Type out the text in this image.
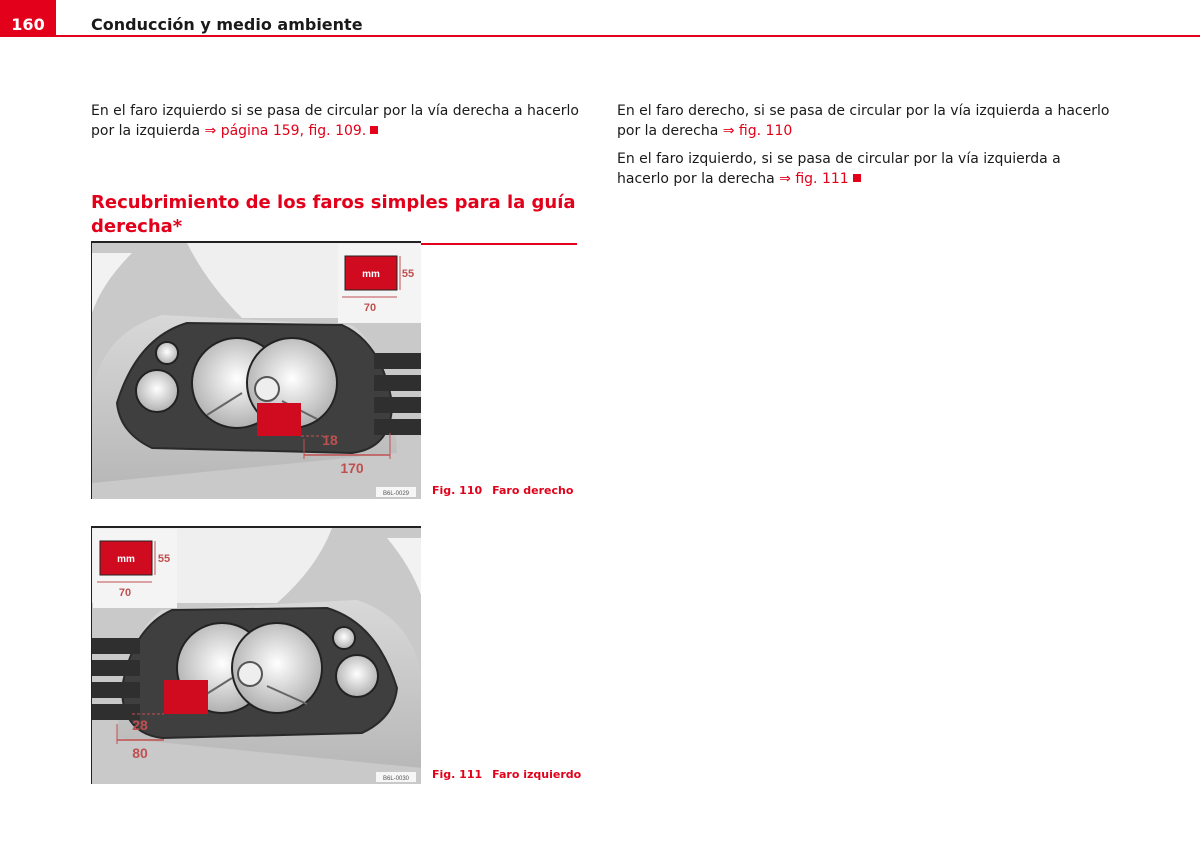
160	Conducción y medio ambiente
En el faro izquierdo si se pasa de circular por la vía derecha a hacerlo por la izquierda ⇒ página 159, fig. 109.
Recubrimiento de los faros simples para la guía derecha*
mm 55
70
18
170
B6L-0029 Fig. 110 Faro derecho
mm 55
70
28
80
B6L-0030 Fig. 111 Faro izquierdo
En el faro derecho, si se pasa de circular por la vía izquierda a hacerlo por la derecha ⇒ fig. 110
En el faro izquierdo, si se pasa de circular por la vía izquierda a hacerlo por la derecha ⇒ fig. 111
